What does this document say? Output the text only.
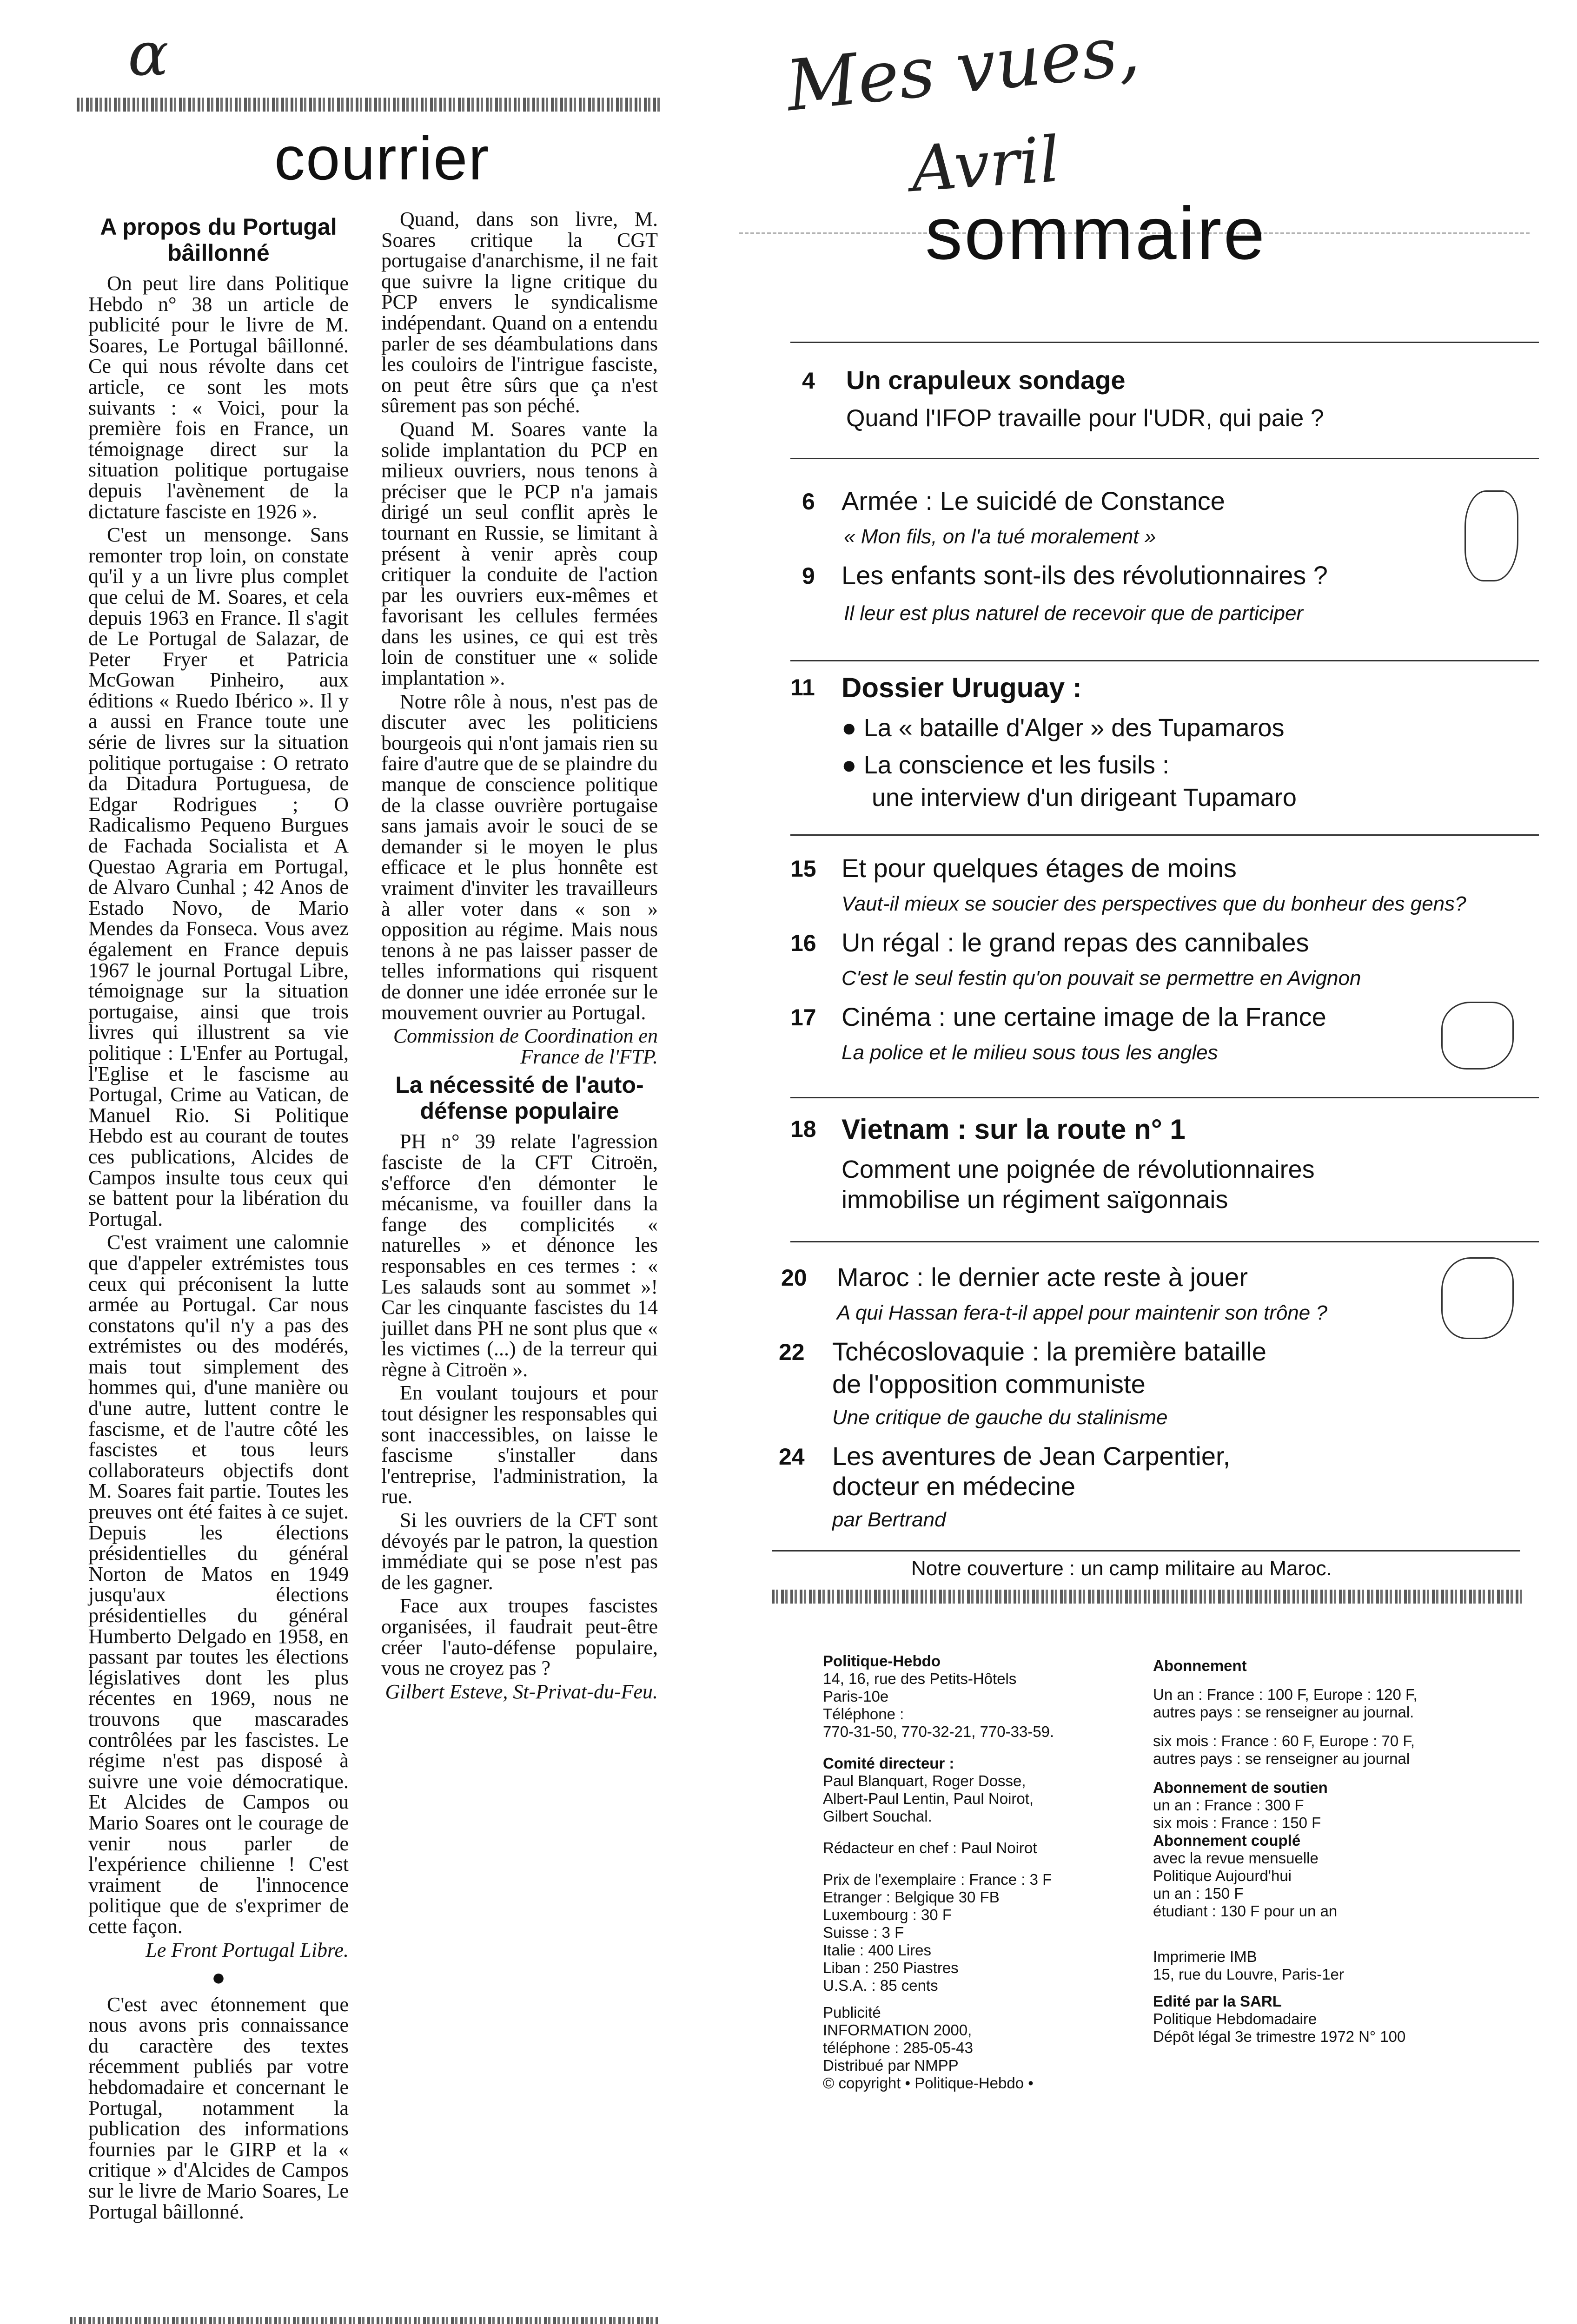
α	Mes vues,
Avril
courrier
A propos du Portugal bâillonné

On peut lire dans Politique Hebdo n° 38 un article de publicité pour le livre de M. Soares, Le Portugal bâillonné. Ce qui nous révolte dans cet article, ce sont les mots suivants : « Voici, pour la première fois en France, un témoignage direct sur la situation politique portugaise depuis l'avènement de la dictature fasciste en 1926 ».

C'est un mensonge. Sans remonter trop loin, on constate qu'il y a un livre plus complet que celui de M. Soares, et cela depuis 1963 en France. Il s'agit de Le Portugal de Salazar, de Peter Fryer et Patricia McGowan Pinheiro, aux éditions « Ruedo Ibérico ». Il y a aussi en France toute une série de livres sur la situation politique portugaise : O retrato da Ditadura Portuguesa, de Edgar Rodrigues ; O Radicalismo Pequeno Burgues de Fachada Socialista et A Questao Agraria em Portugal, de Alvaro Cunhal ; 42 Anos de Estado Novo, de Mario Mendes da Fonseca. Vous avez également en France depuis 1967 le journal Portugal Libre, témoignage sur la situation portugaise, ainsi que trois livres qui illustrent sa vie politique : L'Enfer au Portugal, l'Eglise et le fascisme au Portugal, Crime au Vatican, de Manuel Rio. Si Politique Hebdo est au courant de toutes ces publications, Alcides de Campos insulte tous ceux qui se battent pour la libération du Portugal.

C'est vraiment une calomnie que d'appeler extrémistes tous ceux qui préconisent la lutte armée au Portugal. Car nous constatons qu'il n'y a pas des extrémistes ou des modérés, mais tout simplement des hommes qui, d'une manière ou d'une autre, luttent contre le fascisme, et de l'autre côté les fascistes et tous leurs collaborateurs objectifs dont M. Soares fait partie. Toutes les preuves ont été faites à ce sujet. Depuis les élections présidentielles du général Norton de Matos en 1949 jusqu'aux élections présidentielles du général Humberto Delgado en 1958, en passant par toutes les élections législatives dont les plus récentes en 1969, nous ne trouvons que mascarades contrôlées par les fascistes. Le régime n'est pas disposé à suivre une voie démocratique. Et Alcides de Campos ou Mario Soares ont le courage de venir nous parler de l'expérience chilienne ! C'est vraiment de l'innocence politique que de s'exprimer de cette façon.

Le Front Portugal Libre.

●

C'est avec étonnement que nous avons pris connaissance du caractère des textes récemment publiés par votre hebdomadaire et concernant le Portugal, notamment la publication des informations fournies par le GIRP et la « critique » d'Alcides de Campos sur le livre de Mario Soares, Le Portugal bâillonné.

Quand, dans son livre, M. Soares critique la CGT portugaise d'anarchisme, il ne fait que suivre la ligne critique du PCP envers le syndicalisme indépendant. Quand on a entendu parler de ses déambulations dans les couloirs de l'intrigue fasciste, on peut être sûrs que ça n'est sûrement pas son péché.

Quand M. Soares vante la solide implantation du PCP en milieux ouvriers, nous tenons à préciser que le PCP n'a jamais dirigé un seul conflit après le tournant en Russie, se limitant à présent à venir après coup critiquer la conduite de l'action par les ouvriers eux-mêmes et favorisant les cellules fermées dans les usines, ce qui est très loin de constituer une « solide implantation ».

Notre rôle à nous, n'est pas de discuter avec les politiciens bourgeois qui n'ont jamais rien su faire d'autre que de se plaindre du manque de conscience politique de la classe ouvrière portugaise sans jamais avoir le souci de se demander si le moyen le plus efficace et le plus honnête est vraiment d'inviter les travailleurs à aller voter dans « son » opposition au régime. Mais nous tenons à ne pas laisser passer de telles informations qui risquent de donner une idée erronée sur le mouvement ouvrier au Portugal.

Commission de Coordination en France de l'FTP.

La nécessité de l'auto-défense populaire

PH n° 39 relate l'agression fasciste de la CFT Citroën, s'efforce d'en démonter le mécanisme, va fouiller dans la fange des complicités « naturelles » et dénonce les responsables en ces termes : « Les salauds sont au sommet »! Car les cinquante fascistes du 14 juillet dans PH ne sont plus que « les victimes (...) de la terreur qui règne à Citroën ».

En voulant toujours et pour tout désigner les responsables qui sont inaccessibles, on laisse le fascisme s'installer dans l'entreprise, l'administration, la rue.

Si les ouvriers de la CFT sont dévoyés par le patron, la question immédiate qui se pose n'est pas de les gagner.

Face aux troupes fascistes organisées, il faudrait peut-être créer l'auto-défense populaire, vous ne croyez pas ?

Gilbert Esteve, St-Privat-du-Feu.

sommaire
4 Un crapuleux sondage
Quand l'IFOP travaille pour l'UDR, qui paie ?
6 Armée : Le suicidé de Constance
« Mon fils, on l'a tué moralement »
9 Les enfants sont-ils des révolutionnaires ?
Il leur est plus naturel de recevoir que de participer
11 Dossier Uruguay :
● La « bataille d'Alger » des Tupamaros
● La conscience et les fusils :
une interview d'un dirigeant Tupamaro
15 Et pour quelques étages de moins
Vaut-il mieux se soucier des perspectives que du bonheur des gens?
16 Un régal : le grand repas des cannibales
C'est le seul festin qu'on pouvait se permettre en Avignon
17 Cinéma : une certaine image de la France
La police et le milieu sous tous les angles
18 Vietnam : sur la route n° 1
Comment une poignée de révolutionnaires
immobilise un régiment saïgonnais
20 Maroc : le dernier acte reste à jouer
A qui Hassan fera-t-il appel pour maintenir son trône ?
22 Tchécoslovaquie : la première bataille
de l'opposition communiste
Une critique de gauche du stalinisme
24 Les aventures de Jean Carpentier,
docteur en médecine
par Bertrand
Notre couverture : un camp militaire au Maroc.
Politique-Hebdo
14, 16, rue des Petits-Hôtels
Paris-10e
Téléphone :
770-31-50, 770-32-21, 770-33-59.
Comité directeur :
Paul Blanquart, Roger Dosse,
Albert-Paul Lentin, Paul Noirot,
Gilbert Souchal.
Rédacteur en chef : Paul Noirot
Prix de l'exemplaire : France : 3 F
Etranger : Belgique 30 FB
Luxembourg : 30 F
Suisse : 3 F
Italie : 400 Lires
Liban : 250 Piastres
U.S.A. : 85 cents
Publicité
INFORMATION 2000,
téléphone : 285-05-43
Distribué par NMPP
© copyright • Politique-Hebdo •
Abonnement
Un an : France : 100 F, Europe : 120 F, autres pays : se renseigner au journal.
six mois : France : 60 F, Europe : 70 F, autres pays : se renseigner au journal
Abonnement de soutien
un an : France : 300 F
six mois : France : 150 F
Abonnement couplé
avec la revue mensuelle
Politique Aujourd'hui
un an : 150 F
étudiant : 130 F pour un an
Imprimerie IMB
15, rue du Louvre, Paris-1er
Edité par la SARL
Politique Hebdomadaire
Dépôt légal 3e trimestre 1972 N° 100
